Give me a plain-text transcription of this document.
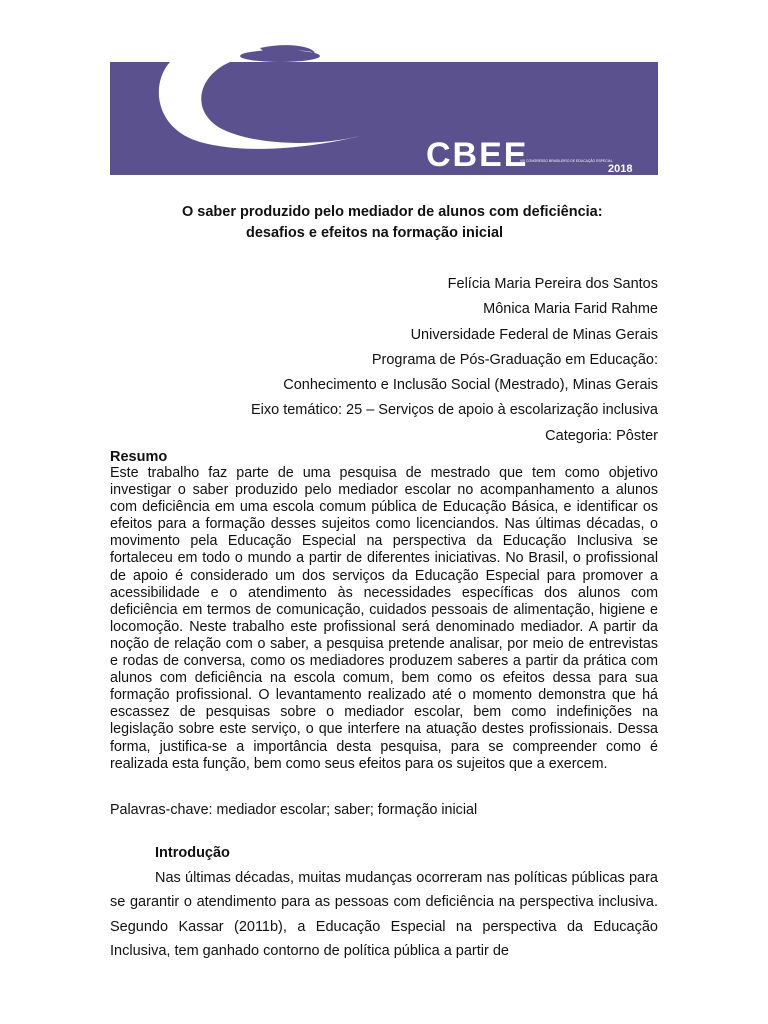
CBEE
VIII CONGRESSO BRASILEIRO DE EDUCAÇÃO ESPECIAL
2018
O saber produzido pelo mediador de alunos com deficiência:
desafios e efeitos na formação inicial
Felícia Maria Pereira dos Santos
Mônica Maria Farid Rahme
Universidade Federal de Minas Gerais
Programa de Pós-Graduação em Educação:
Conhecimento e Inclusão Social (Mestrado), Minas Gerais
Eixo temático: 25 – Serviços de apoio à escolarização inclusiva
Categoria: Pôster
Resumo

Este trabalho faz parte de uma pesquisa de mestrado que tem como objetivo investigar o saber produzido pelo mediador escolar no acompanhamento a alunos com deficiência em uma escola comum pública de Educação Básica, e identificar os efeitos para a formação desses sujeitos como licenciandos. Nas últimas décadas, o movimento pela Educação Especial na perspectiva da Educação Inclusiva se fortaleceu em todo o mundo a partir de diferentes iniciativas. No Brasil, o profissional de apoio é considerado um dos serviços da Educação Especial para promover a acessibilidade e o atendimento às necessidades específicas dos alunos com deficiência em termos de comunicação, cuidados pessoais de alimentação, higiene e locomoção. Neste trabalho este profissional será denominado mediador. A partir da noção de relação com o saber, a pesquisa pretende analisar, por meio de entrevistas e rodas de conversa, como os mediadores produzem saberes a partir da prática com alunos com deficiência na escola comum, bem como os efeitos dessa para sua formação profissional. O levantamento realizado até o momento demonstra que há escassez de pesquisas sobre o mediador escolar, bem como indefinições na legislação sobre este serviço, o que interfere na atuação destes profissionais. Dessa forma, justifica-se a importância desta pesquisa, para se compreender como é realizada esta função, bem como seus efeitos para os sujeitos que a exercem.

Palavras-chave: mediador escolar; saber; formação inicial
Introdução

Nas últimas décadas, muitas mudanças ocorreram nas políticas públicas para se garantir o atendimento para as pessoas com deficiência na perspectiva inclusiva. Segundo Kassar (2011b), a Educação Especial na perspectiva da Educação Inclusiva, tem ganhado contorno de política pública a partir de
